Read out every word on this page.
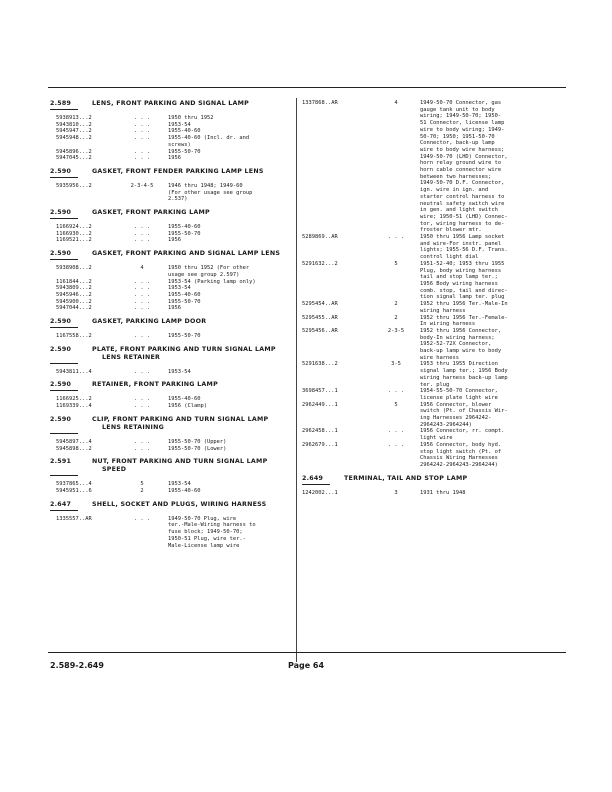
2.589	LENS, FRONT PARKING AND SIGNAL LAMP
5938913...2	. . .	1950 thru 1952
5943810...2	. . .	1953-54
5945947...2	. . .	1955-40-60
5945948...2	. . .	1955-40-60 (Incl. dr. and
screws)
5945896...2	. . .	1955-50-70
5947045...2	. . .	1956
2.590	GASKET, FRONT FENDER PARKING LAMP LENS
5935956...2	2-3-4-5	1946 thru 1948; 1949-60
(For other usage see group
2.537)
2.590	GASKET, FRONT PARKING LAMP
1166924...2	. . .	1955-40-60
1166930...2	. . .	1955-50-70
1169521...2	. . .	1956
2.590	GASKET, FRONT PARKING AND SIGNAL LAMP LENS
5938908...2	4	1950 thru 1952 (For other
usage see group 2.597)
1161844...2	. . .	1953-54 (Parking lamp only)
5943809...2	. . .	1953-54
5945946...2	. . .	1955-40-60
5945900...2	. . .	1955-50-70
5947044...2	. . .	1956
2.590	GASKET, PARKING LAMP DOOR
1167558...2	. . .	1955-50-70
2.590	PLATE, FRONT PARKING AND TURN SIGNAL LAMP
LENS RETAINER
5943811...4	. . .	1953-54
2.590	RETAINER, FRONT PARKING LAMP
1166925...2	. . .	1955-40-60
1169339...4	. . .	1956 (Clamp)
2.590	CLIP, FRONT PARKING AND TURN SIGNAL LAMP
LENS RETAINING
5945897...4	. . .	1955-50-70 (Upper)
5945898...2	. . .	1955-50-70 (Lower)
2.591	NUT, FRONT PARKING AND TURN SIGNAL LAMP
SPEED
5937865...4	5	1953-54
5945951...6	2	1955-40-60
2.647	SHELL, SOCKET AND PLUGS, WIRING HARNESS
1335557..AR	. . .	1949-50-70 Plug, wire
ter.-Male-Wiring harness to
fuse block; 1949-50-70;
1950-51 Plug, wire ter.-
Male-License lamp wire
1337868..AR	4	1949-50-70 Connector, gas
gauge tank unit to body
wiring; 1949-50-70; 1950-
51 Connector, license lamp
wire to body wiring; 1949-
50-70; 1950; 1951-50-70
Connector, back-up lamp
wire to body wire harness;
1949-50-70 (LHD) Connector,
horn relay ground wire to
horn cable connector wire
between two harnesses;
1949-50-70 D.F. Connector,
ign. wire in ign. and
starter control harness to
neutral safety switch wire
in gen. and light switch
wire; 1950-51 (LHD) Connec-
tor, wiring harness to de-
froster blower mtr.
5289869..AR	. . .	1950 thru 1956 Lamp socket
and wire-For instr. panel
lights; 1955-56 D.F. Trans.
control light dial
5291632...2	5	1951-52-40; 1953 thru 1955
Plug, body wiring harness
tail and stop lamp ter.;
1956 Body wiring harness
comb. stop, tail and direc-
tion signal lamp ter. plug
5295454..AR	2	1952 thru 1956 Ter.-Male-In
wiring harness
5295455..AR	2	1952 thru 1956 Ter.-Female-
In wiring harness
5295456..AR	2-3-5	1952 thru 1956 Connector,
body-In wiring harness;
1952-52-72X Connector,
back-up lamp wire to body
wire harness
5291638...2	3-5	1953 thru 1955 Direction
signal lamp ter.; 1956 Body
wiring harness back-up lamp
ter. plug
3698457...1	. . .	1954-55-50-70 Connector,
license plate light wire
2962449...1	5	1956 Connector, blower
switch (Pt. of Chassis Wir-
ing Harnesses 2964242-
2964243-2964244)
2962458...1	. . .	1956 Connector, rr. compt.
light wire
2962679...1	. . .	1956 Connector, body hyd.
stop light switch (Pt. of
Chassis Wiring Harnesses
2964242-2964243-2964244)
2.649	TERMINAL, TAIL AND STOP LAMP
1242002...1	3	1931 thru 1948
2.589-2.649	Page 64
